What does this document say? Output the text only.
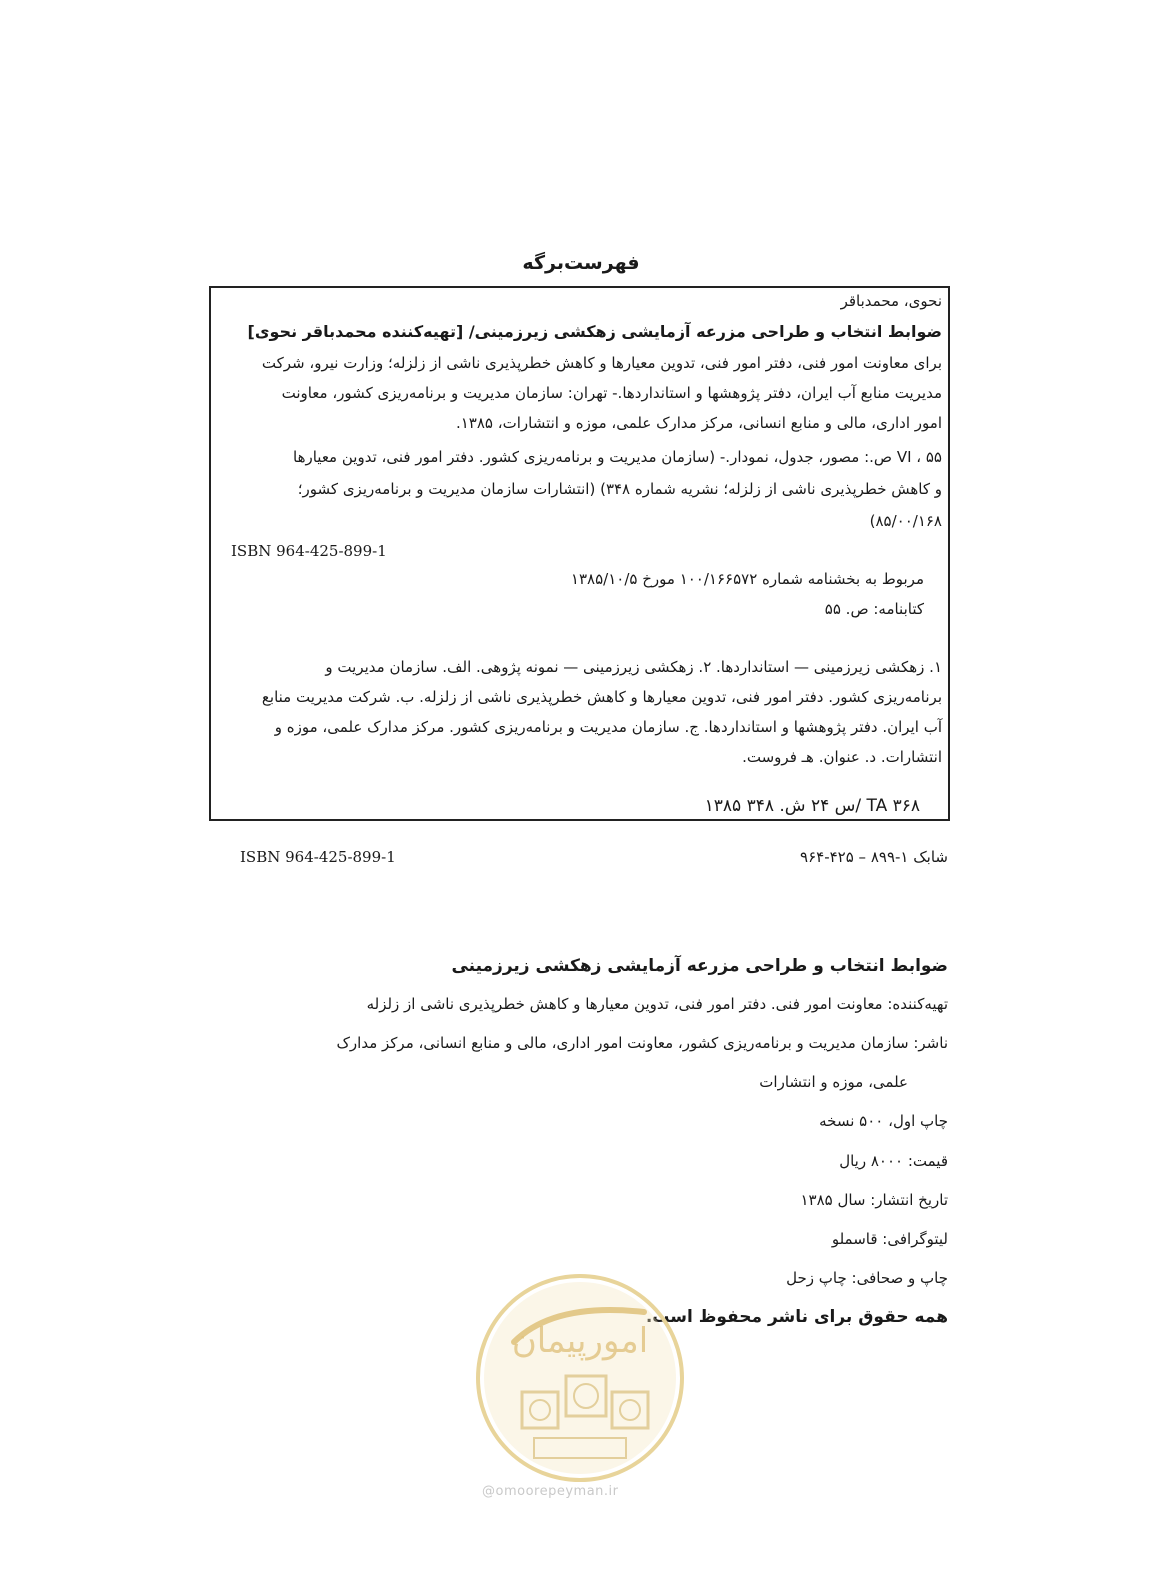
فهرست‌برگه
نحوی، محمدباقر
ضوابط انتخاب و طراحی مزرعه آزمایشی زهکشی زیرزمینی/ [تهیه‌کننده محمدباقر نحوی]
برای معاونت امور فنی، دفتر امور فنی، تدوین معیارها و کاهش خطرپذیری ناشی از زلزله؛ وزارت نیرو، شرکت
مدیریت منابع آب ایران، دفتر پژوهشها و استانداردها.- تهران: سازمان مدیریت و برنامه‌ریزی کشور، معاونت
امور اداری، مالی و منابع انسانی، مرکز مدارک علمی، موزه و انتشارات، ۱۳۸۵.
VI ، ۵۵ ص.: مصور، جدول، نمودار.- (سازمان مدیریت و برنامه‌ریزی کشور. دفتر امور فنی، تدوین معیارها
و کاهش خطرپذیری ناشی از زلزله؛ نشریه شماره ۳۴۸) (انتشارات سازمان مدیریت و برنامه‌ریزی کشور؛
۸۵/۰۰/۱۶۸)
ISBN 964-425-899-1
مربوط به بخشنامه شماره ۱۰۰/۱۶۶۵۷۲ مورخ ۱۳۸۵/۱۰/۵
کتابنامه: ص. ۵۵
۱. زهکشی زیرزمینی — استانداردها. ۲. زهکشی زیرزمینی — نمونه پژوهی. الف. سازمان مدیریت و
برنامه‌ریزی کشور. دفتر امور فنی، تدوین معیارها و کاهش خطرپذیری ناشی از زلزله. ب. شرکت مدیریت منابع
آب ایران. دفتر پژوهشها و استانداردها. ج. سازمان مدیریت و برنامه‌ریزی کشور. مرکز مدارک علمی، موزه و
انتشارات. د. عنوان. هـ فروست.
TA ۳۶۸ /س ۲۴ ش. ۳۴۸ ۱۳۸۵
ISBN 964-425-899-1	شابک ۱-۸۹۹ – ۴۲۵-۹۶۴
ضوابط انتخاب و طراحی مزرعه آزمایشی زهکشی زیرزمینی
تهیه‌کننده: معاونت امور فنی. دفتر امور فنی، تدوین معیارها و کاهش خطرپذیری ناشی از زلزله
ناشر: سازمان مدیریت و برنامه‌ریزی کشور، معاونت امور اداری، مالی و منابع انسانی، مرکز مدارک
علمی، موزه و انتشارات
چاپ اول، ۵۰۰ نسخه
قیمت: ۸۰۰۰ ریال
تاریخ انتشار: سال ۱۳۸۵
لیتوگرافی: قاسملو
چاپ و صحافی: چاپ زحل
همه حقوق برای ناشر محفوظ است.
امورپیمان
@omoorepeyman.ir
